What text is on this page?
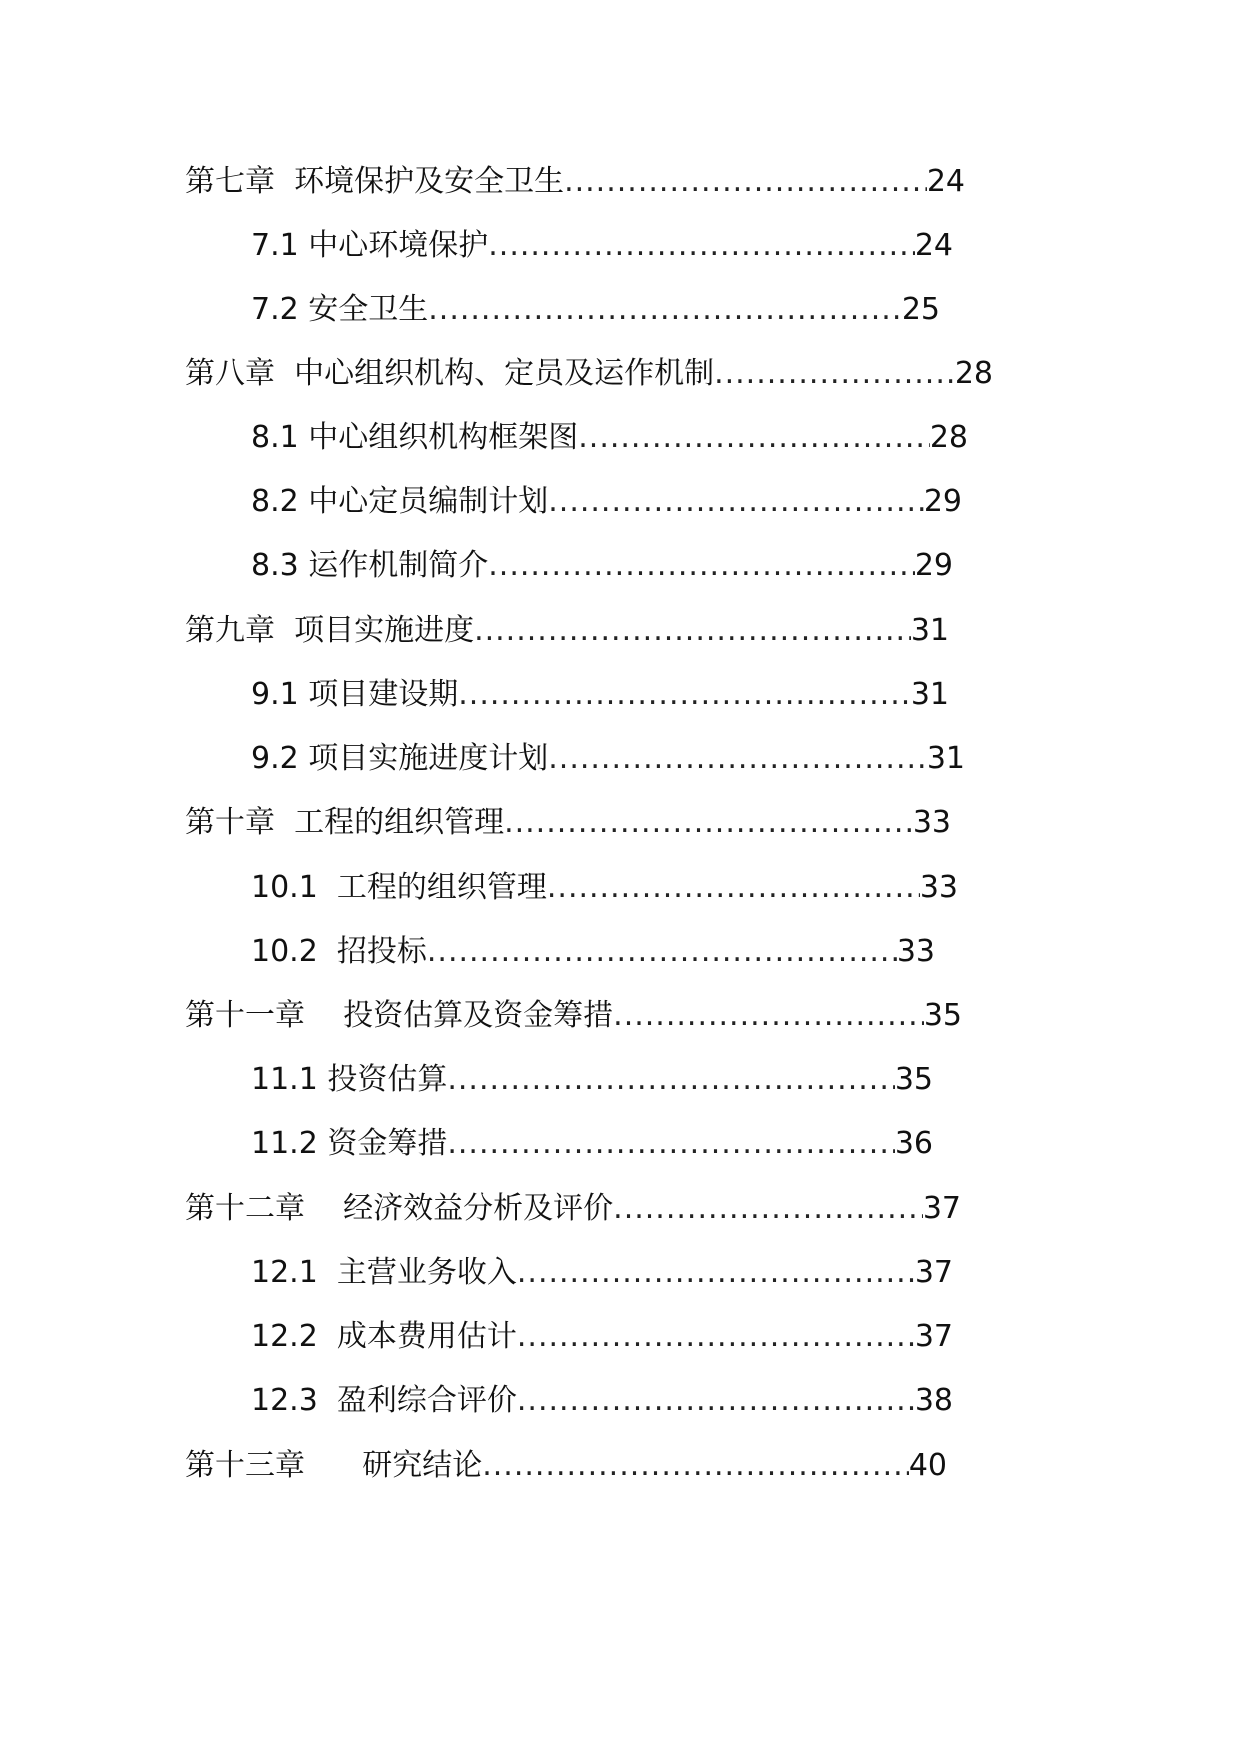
第七章  环境保护及安全卫生 .....	24
7.1 中心环境保护 .....	24
7.2 安全卫生 .....	25
第八章  中心组织机构、定员及运作机制 .....	28
8.1 中心组织机构框架图 .....	28
8.2 中心定员编制计划 .....	29
8.3 运作机制简介 .....	29
第九章  项目实施进度 .....	31
9.1 项目建设期 .....	31
9.2 项目实施进度计划 .....	31
第十章  工程的组织管理 .....	33
10.1  工程的组织管理 .....	33
10.2  招投标 .....	33
第十一章    投资估算及资金筹措 .....	35
11.1 投资估算 .....	35
11.2 资金筹措 .....	36
第十二章    经济效益分析及评价 .....	37
12.1  主营业务收入 .....	37
12.2  成本费用估计 .....	37
12.3  盈利综合评价 .....	38
第十三章      研究结论 .....	40
